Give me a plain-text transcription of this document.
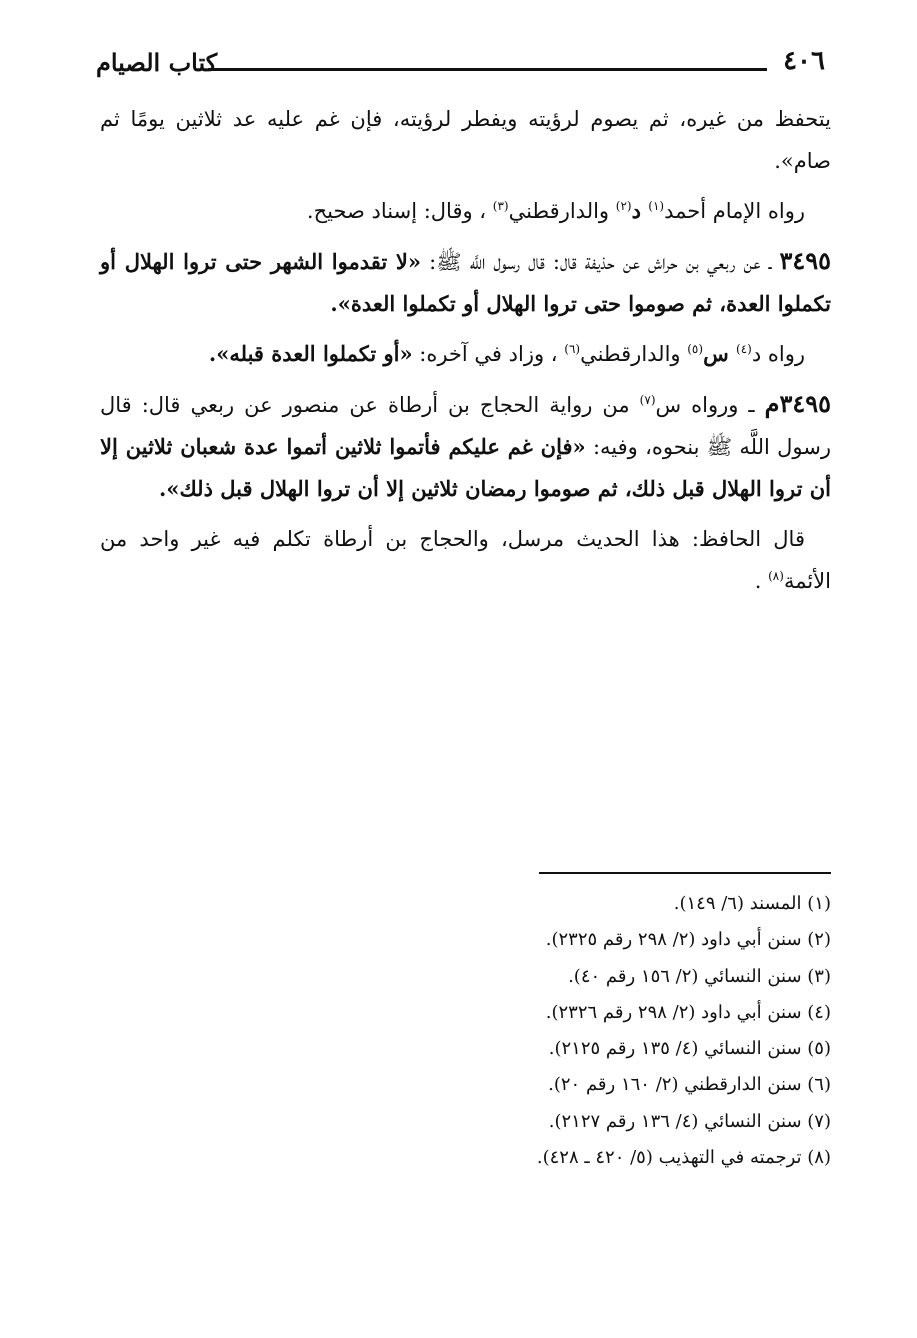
٤٠٦
كتاب الصيام

يتحفظ من غيره، ثم يصوم لرؤيته ويفطر لرؤيته، فإن غم عليه عد ثلاثين يومًا ثم صام».

رواه الإمام أحمد$^{(١)}$ د$^{(٢)}$ والدارقطني$^{(٣)}$ ، وقال: إسناد صحيح.

٣٤٩٥ ـ عن ربعي بن حراش عن حذيفة قال: قال رسول اللَّه ﷺ: «لا تقدموا الشهر حتى تروا الهلال أو تكملوا العدة، ثم صوموا حتى تروا الهلال أو تكملوا العدة».

رواه د$^{(٤)}$ س$^{(٥)}$ والدارقطني$^{(٦)}$ ، وزاد في آخره: «أو تكملوا العدة قبله».

٣٤٩٥م ـ ورواه س$^{(٧)}$ من رواية الحجاج بن أرطاة عن منصور عن ربعي قال: قال رسول اللَّه ﷺ بنحوه، وفيه: «فإن غم عليكم فأتموا ثلاثين أتموا عدة شعبان ثلاثين إلا أن تروا الهلال قبل ذلك، ثم صوموا رمضان ثلاثين إلا أن تروا الهلال قبل ذلك».

قال الحافظ: هذا الحديث مرسل، والحجاج بن أرطاة تكلم فيه غير واحد من الأئمة$^{(٨)}$ .

(١) المسند (٦/ ١٤٩).
(٢) سنن أبي داود (٢/ ٢٩٨ رقم ٢٣٢٥).
(٣) سنن النسائي (٢/ ١٥٦ رقم ٤٠).
(٤) سنن أبي داود (٢/ ٢٩٨ رقم ٢٣٢٦).
(٥) سنن النسائي (٤/ ١٣٥ رقم ٢١٢٥).
(٦) سنن الدارقطني (٢/ ١٦٠ رقم ٢٠).
(٧) سنن النسائي (٤/ ١٣٦ رقم ٢١٢٧).
(٨) ترجمته في التهذيب (٥/ ٤٢٠ ـ ٤٢٨).
